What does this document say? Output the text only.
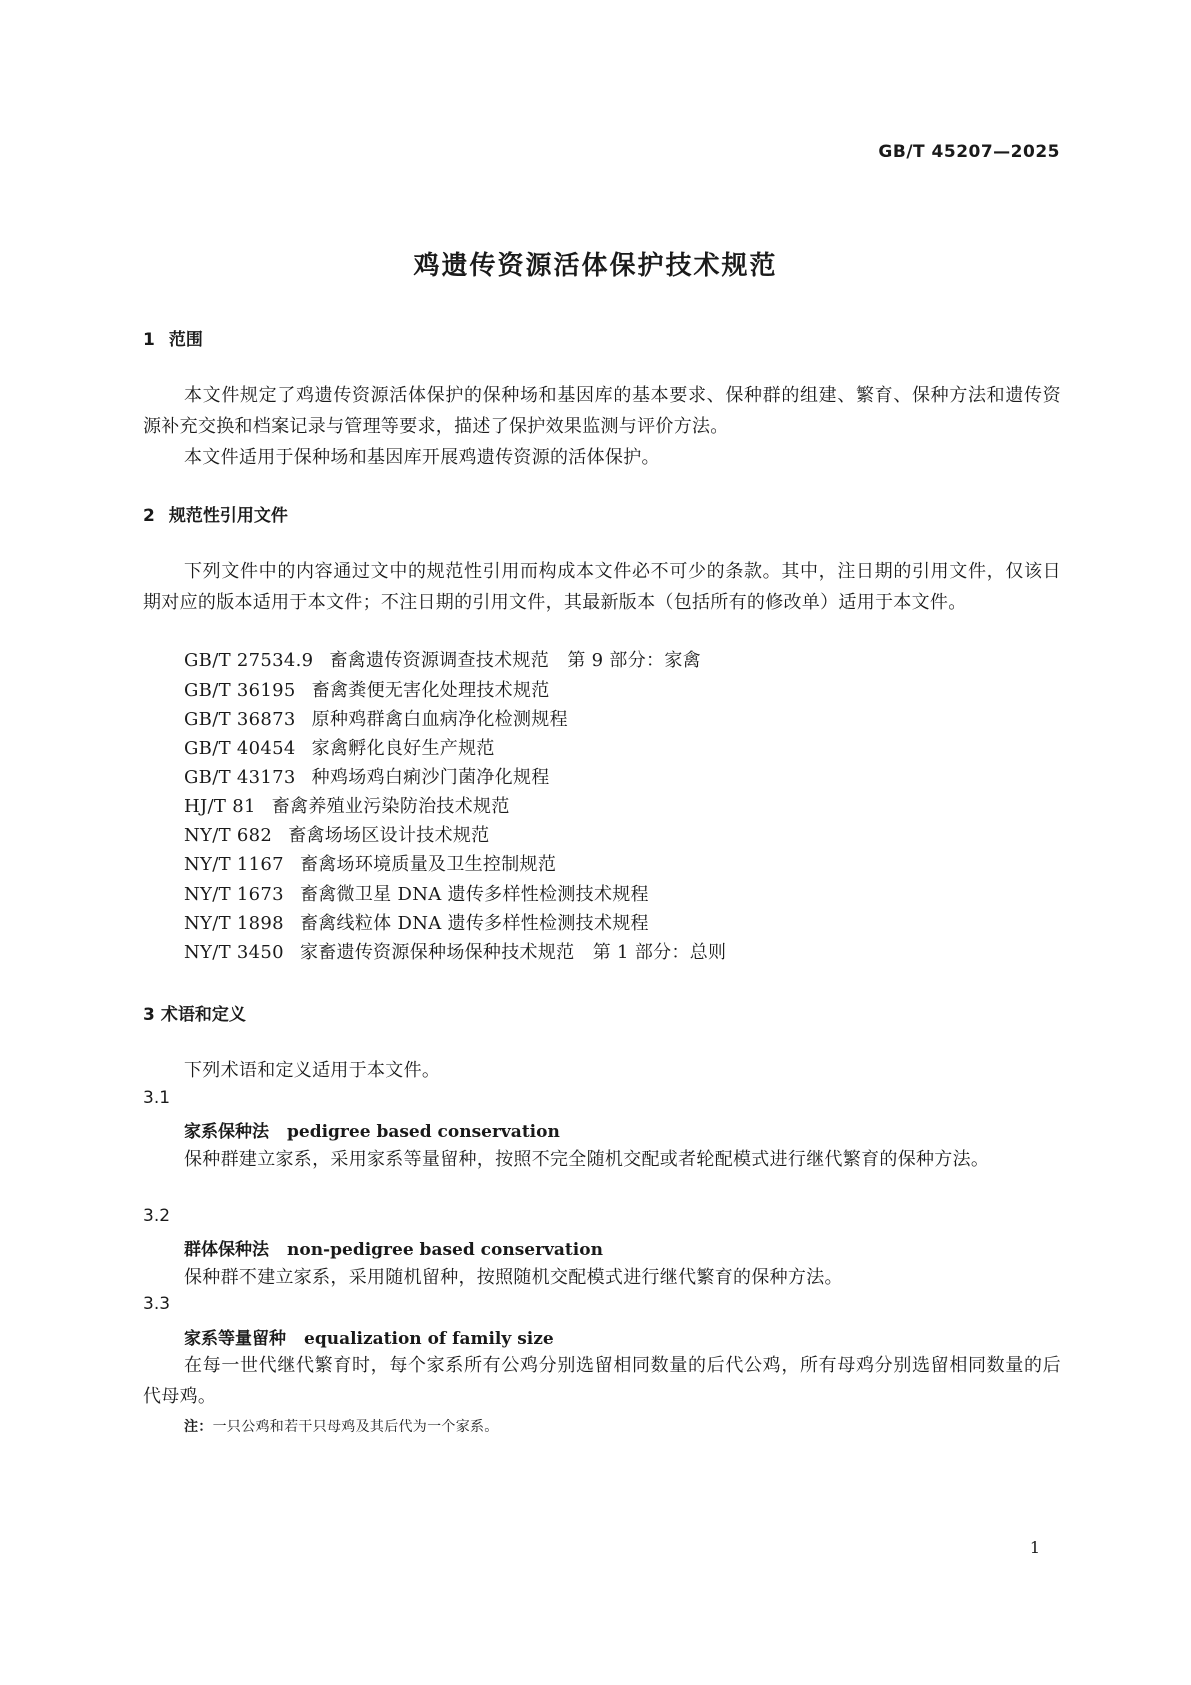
GB/T 45207—2025
鸡遗传资源活体保护技术规范
1 范围
本文件规定了鸡遗传资源活体保护的保种场和基因库的基本要求、保种群的组建、繁育、保种方法和遗传资源补充交换和档案记录与管理等要求，描述了保护效果监测与评价方法。
本文件适用于保种场和基因库开展鸡遗传资源的活体保护。
2 规范性引用文件
下列文件中的内容通过文中的规范性引用而构成本文件必不可少的条款。其中，注日期的引用文件，仅该日期对应的版本适用于本文件；不注日期的引用文件，其最新版本（包括所有的修改单）适用于本文件。
GB/T 27534.9 畜禽遗传资源调查技术规范　第 9 部分：家禽
GB/T 36195 畜禽粪便无害化处理技术规范
GB/T 36873 原种鸡群禽白血病净化检测规程
GB/T 40454 家禽孵化良好生产规范
GB/T 43173 种鸡场鸡白痢沙门菌净化规程
HJ/T 81 畜禽养殖业污染防治技术规范
NY/T 682 畜禽场场区设计技术规范
NY/T 1167 畜禽场环境质量及卫生控制规范
NY/T 1673 畜禽微卫星 DNA 遗传多样性检测技术规程
NY/T 1898 畜禽线粒体 DNA 遗传多样性检测技术规程
NY/T 3450 家畜遗传资源保种场保种技术规范　第 1 部分：总则
3 术语和定义
下列术语和定义适用于本文件。
3.1
家系保种法 pedigree based conservation
保种群建立家系，采用家系等量留种，按照不完全随机交配或者轮配模式进行继代繁育的保种方法。
3.2
群体保种法 non-pedigree based conservation
保种群不建立家系，采用随机留种，按照随机交配模式进行继代繁育的保种方法。
3.3
家系等量留种 equalization of family size
在每一世代继代繁育时，每个家系所有公鸡分别选留相同数量的后代公鸡，所有母鸡分别选留相同数量的后代母鸡。
注：一只公鸡和若干只母鸡及其后代为一个家系。
1
